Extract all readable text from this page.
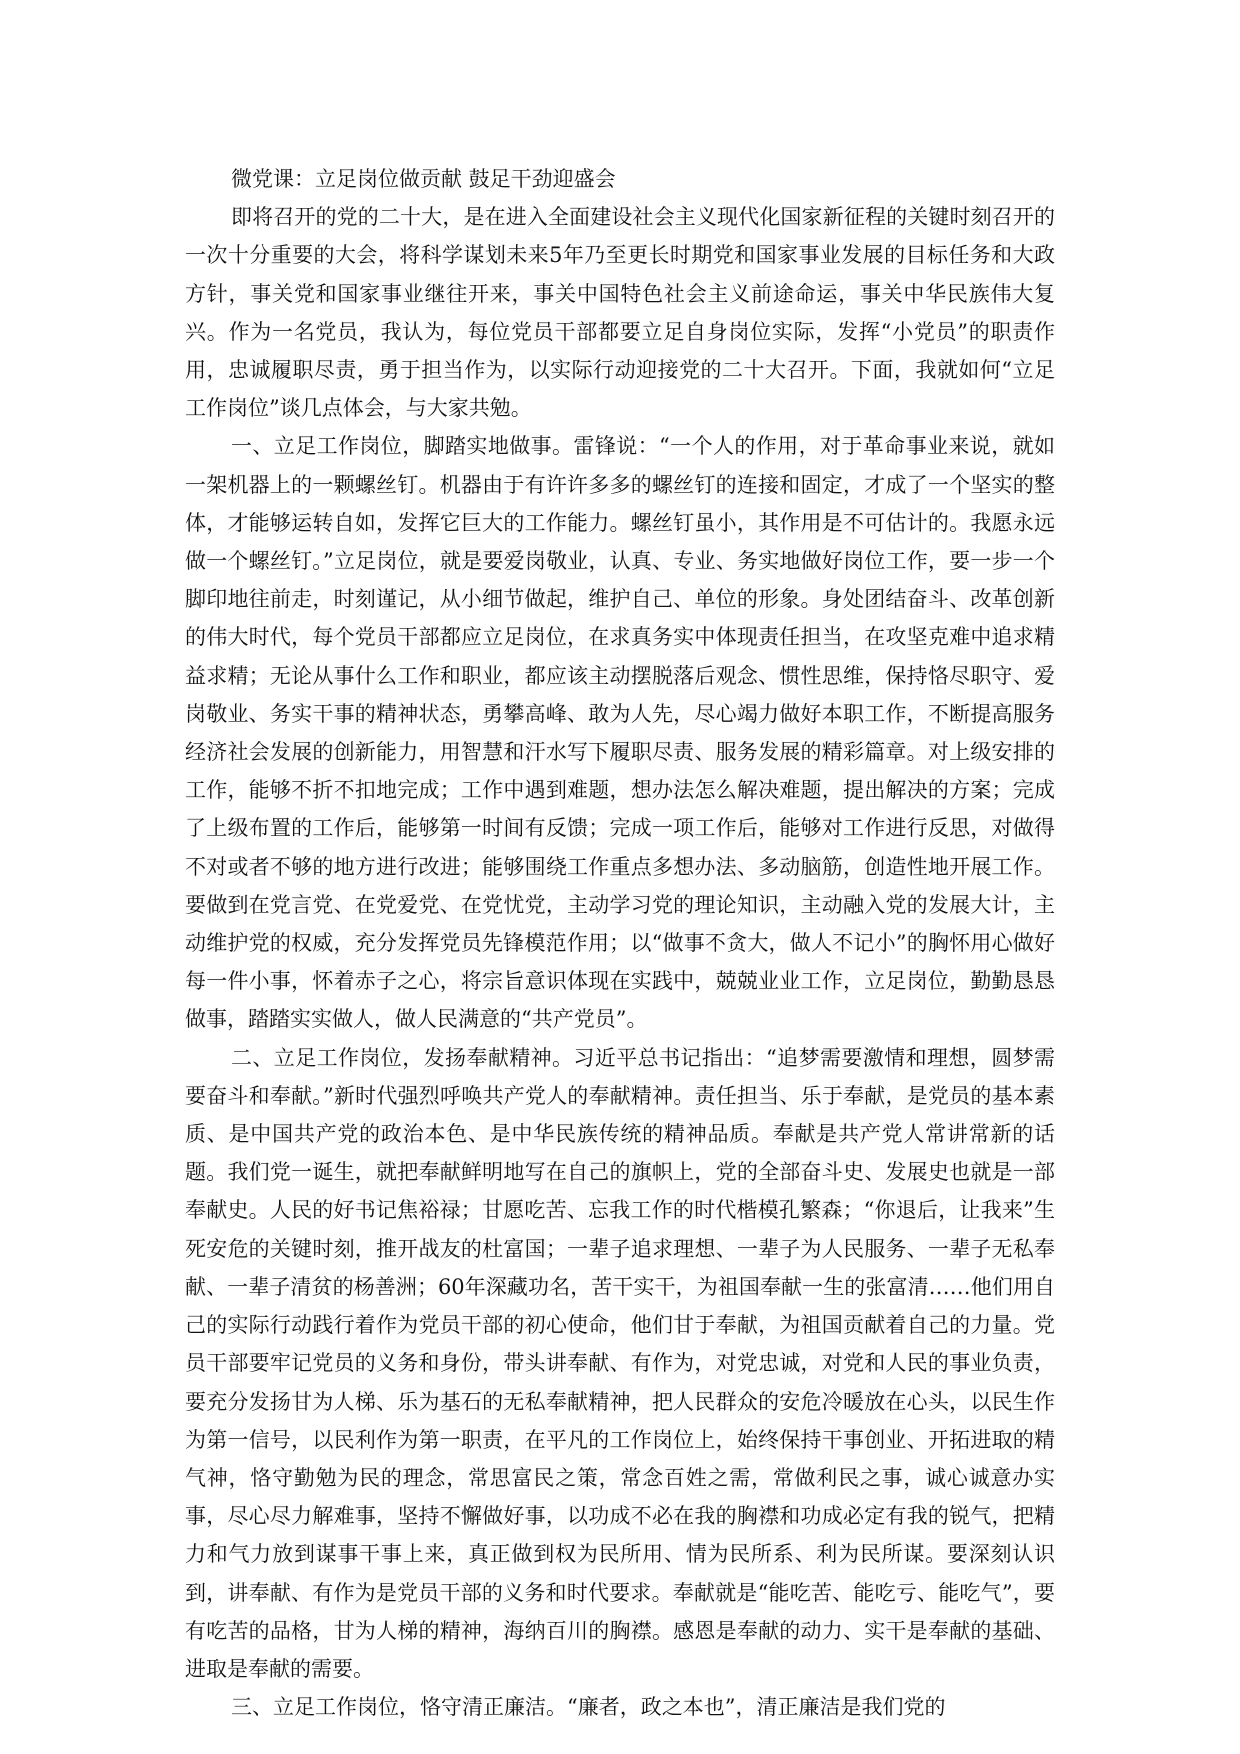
微党课：立足岗位做贡献 鼓足干劲迎盛会

即将召开的党的二十大，是在进入全面建设社会主义现代化国家新征程的关键时刻召开的一次十分重要的大会，将科学谋划未来5年乃至更长时期党和国家事业发展的目标任务和大政方针，事关党和国家事业继往开来，事关中国特色社会主义前途命运，事关中华民族伟大复兴。作为一名党员，我认为，每位党员干部都要立足自身岗位实际，发挥“小党员”的职责作用，忠诚履职尽责，勇于担当作为，以实际行动迎接党的二十大召开。下面，我就如何“立足工作岗位”谈几点体会，与大家共勉。

一、立足工作岗位，脚踏实地做事。雷锋说：“一个人的作用，对于革命事业来说，就如一架机器上的一颗螺丝钉。机器由于有许许多多的螺丝钉的连接和固定，才成了一个坚实的整体，才能够运转自如，发挥它巨大的工作能力。螺丝钉虽小，其作用是不可估计的。我愿永远做一个螺丝钉。”立足岗位，就是要爱岗敬业，认真、专业、务实地做好岗位工作，要一步一个脚印地往前走，时刻谨记，从小细节做起，维护自己、单位的形象。身处团结奋斗、改革创新的伟大时代，每个党员干部都应立足岗位，在求真务实中体现责任担当，在攻坚克难中追求精益求精；无论从事什么工作和职业，都应该主动摆脱落后观念、惯性思维，保持恪尽职守、爱岗敬业、务实干事的精神状态，勇攀高峰、敢为人先，尽心竭力做好本职工作，不断提高服务经济社会发展的创新能力，用智慧和汗水写下履职尽责、服务发展的精彩篇章。对上级安排的工作，能够不折不扣地完成；工作中遇到难题，想办法怎么解决难题，提出解决的方案；完成了上级布置的工作后，能够第一时间有反馈；完成一项工作后，能够对工作进行反思，对做得不对或者不够的地方进行改进；能够围绕工作重点多想办法、多动脑筋，创造性地开展工作。要做到在党言党、在党爱党、在党忧党，主动学习党的理论知识，主动融入党的发展大计，主动维护党的权威，充分发挥党员先锋模范作用；以“做事不贪大，做人不记小”的胸怀用心做好每一件小事，怀着赤子之心，将宗旨意识体现在实践中，兢兢业业工作，立足岗位，勤勤恳恳做事，踏踏实实做人，做人民满意的“共产党员”。

二、立足工作岗位，发扬奉献精神。习近平总书记指出：“追梦需要激情和理想，圆梦需要奋斗和奉献。”新时代强烈呼唤共产党人的奉献精神。责任担当、乐于奉献，是党员的基本素质、是中国共产党的政治本色、是中华民族传统的精神品质。奉献是共产党人常讲常新的话题。我们党一诞生，就把奉献鲜明地写在自己的旗帜上，党的全部奋斗史、发展史也就是一部奉献史。人民的好书记焦裕禄；甘愿吃苦、忘我工作的时代楷模孔繁森；“你退后，让我来”生死安危的关键时刻，推开战友的杜富国；一辈子追求理想、一辈子为人民服务、一辈子无私奉献、一辈子清贫的杨善洲；60年深藏功名，苦干实干，为祖国奉献一生的张富清……他们用自己的实际行动践行着作为党员干部的初心使命，他们甘于奉献，为祖国贡献着自己的力量。党员干部要牢记党员的义务和身份，带头讲奉献、有作为，对党忠诚，对党和人民的事业负责，要充分发扬甘为人梯、乐为基石的无私奉献精神，把人民群众的安危冷暖放在心头，以民生作为第一信号，以民利作为第一职责，在平凡的工作岗位上，始终保持干事创业、开拓进取的精气神，恪守勤勉为民的理念，常思富民之策，常念百姓之需，常做利民之事，诚心诚意办实事，尽心尽力解难事，坚持不懈做好事，以功成不必在我的胸襟和功成必定有我的锐气，把精力和气力放到谋事干事上来，真正做到权为民所用、情为民所系、利为民所谋。要深刻认识到，讲奉献、有作为是党员干部的义务和时代要求。奉献就是“能吃苦、能吃亏、能吃气”，要有吃苦的品格，甘为人梯的精神，海纳百川的胸襟。感恩是奉献的动力、实干是奉献的基础、进取是奉献的需要。

三、立足工作岗位，恪守清正廉洁。“廉者，政之本也”，清正廉洁是我们党的
